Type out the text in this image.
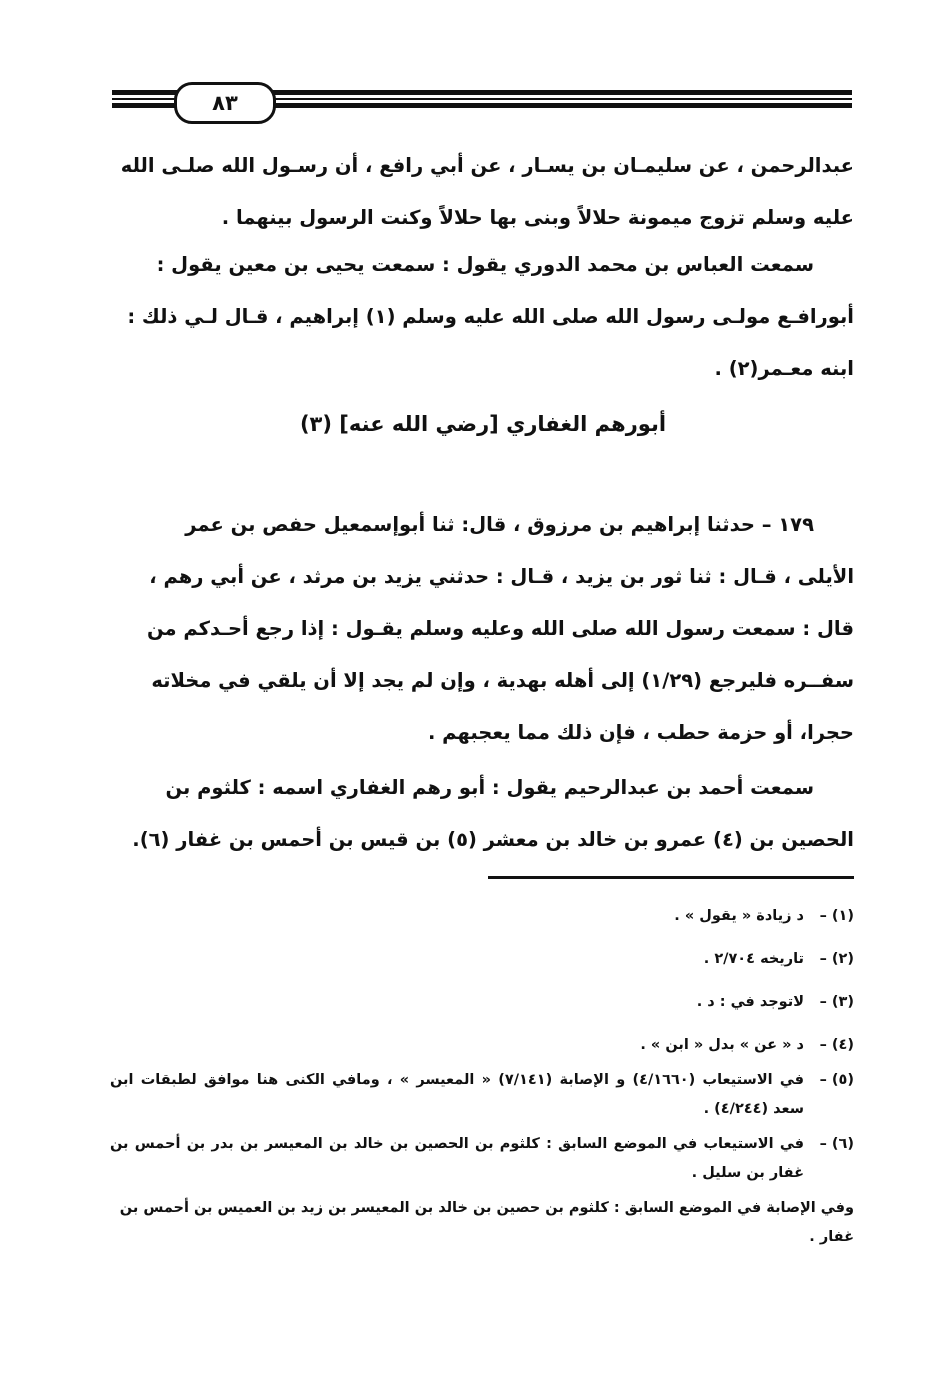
٨٣
عبدالرحمن ، عن سليمـان بن يسـار ، عن أبي رافع ، أن رسـول الله صلـى الله
عليه وسلم تزوج ميمونة حلالاً وبنى بها حلالاً وكنت الرسول بينهما .
سمعت العباس بن محمد الدوري يقول : سمعت يحيى بن معين يقول :
أبورافـع مولـى رسول الله صلى الله عليه وسلم (١) إبراهيم ، قـال لـي ذلك :
ابنه معـمر(٢) .
أبورهم الغفاري [رضي الله عنه] (٣)
١٧٩ – حدثنا إبراهيم بن مرزوق ، قال: ثنا أبوإسمعيل حفص بن عمر
الأيلى ، قـال : ثنا ثور بن يزيد ، قـال : حدثني يزيد بن مرثد ، عن أبي رهم ،
قال : سمعت رسول الله صلى الله وعليه وسلم يقـول : إذا رجع أحـدكم من
سفــره فليرجع (١/٢٩) إلى أهله بهدية ، وإن لم يجد إلا أن يلقي في مخلاته
حجرا، أو حزمة حطب ، فإن ذلك مما يعجبهم .
سمعت أحمد بن عبدالرحيم يقول : أبو رهم الغفاري اسمه : كلثوم بن
الحصين بن (٤) عمرو بن خالد بن معشر (٥) بن قيس بن أحمس بن غفار (٦).
(١) –
د زيادة « يقول » .
(٢) –
تاريخه ٢/٧٠٤ .
(٣) –
لاتوجد في : د .
(٤) –
د « عن » بدل « ابن » .
(٥) –
في الاستيعاب (٤/١٦٦٠) و الإصابة (٧/١٤١) « المعيسر » ، ومافي الكنى هنا موافق لطبقات ابن سعد (٤/٢٤٤) .
(٦) –
في الاستيعاب في الموضع السابق : كلثوم بن الحصين بن خالد بن المعيسر بن بدر بن أحمس بن غفار بن سليل .
وفي الإصابة في الموضع السابق : كلثوم بن حصين بن خالد بن المعيسر بن زيد بن العميس بن أحمس بن غفار .
